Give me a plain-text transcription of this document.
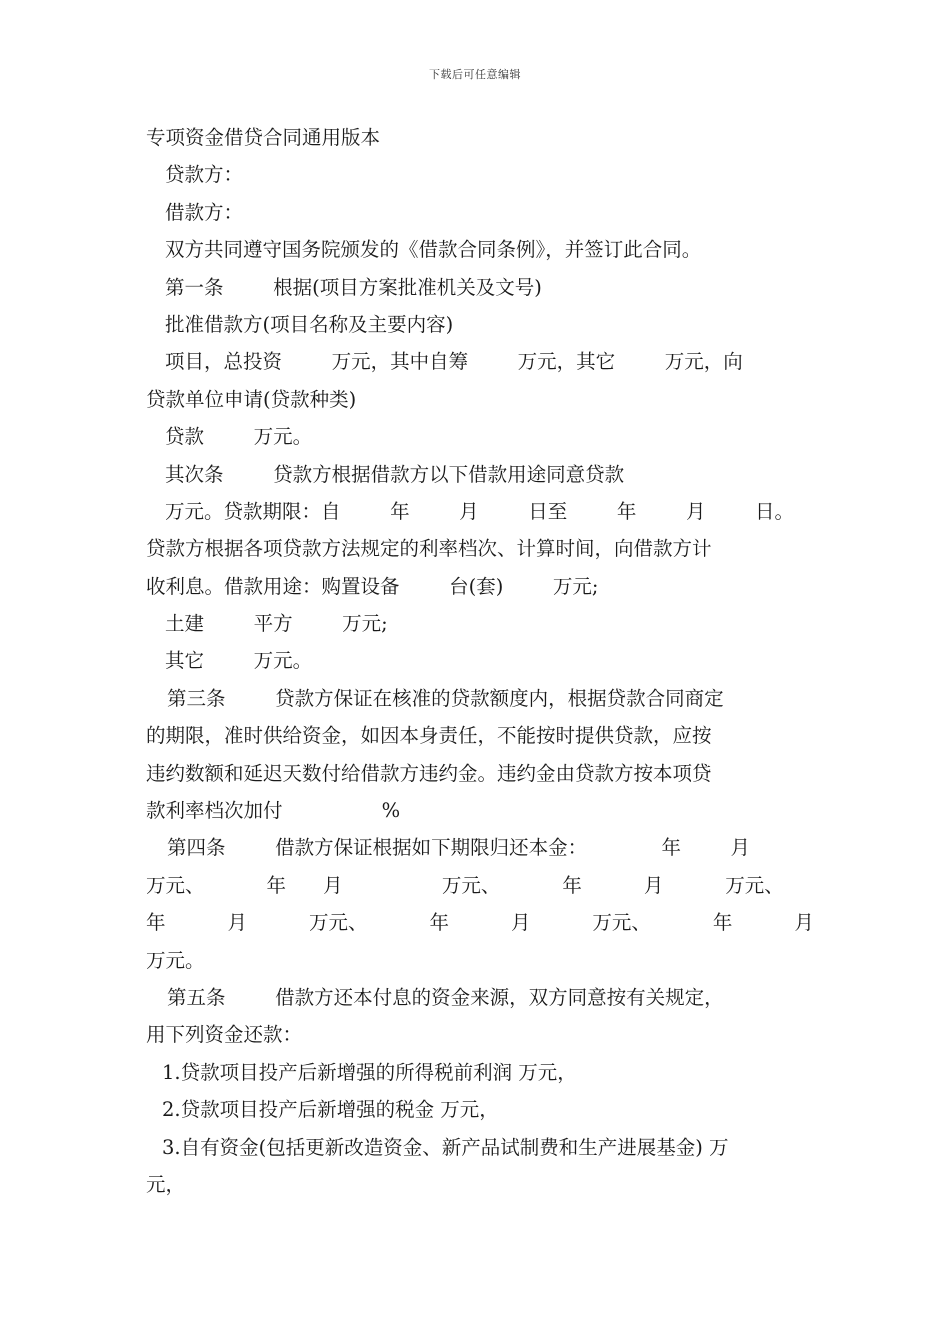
下载后可任意编辑
专项资金借贷合同通用版本
贷款方：
借款方：
双方共同遵守国务院颁发的《借款合同条例》，并签订此合同。
第一条        根据(项目方案批准机关及文号)
批准借款方(项目名称及主要内容)
项目，总投资        万元，其中自筹        万元，其它        万元，向
贷款单位申请(贷款种类)
贷款        万元。
其次条        贷款方根据借款方以下借款用途同意贷款
万元。贷款期限：自        年        月        日至        年        月        日。
贷款方根据各项贷款方法规定的利率档次、计算时间，向借款方计
收利息。借款用途：购置设备        台(套)        万元;
土建        平方        万元;
其它        万元。
第三条        贷款方保证在核准的贷款额度内，根据贷款合同商定
的期限，准时供给资金，如因本身责任，不能按时提供贷款，应按
违约数额和延迟天数付给借款方违约金。违约金由贷款方按本项贷
款利率档次加付                %
第四条        借款方保证根据如下期限归还本金：            年        月
万元、          年      月                万元、          年          月          万元、
年          月          万元、          年          月          万元、          年          月
万元。
第五条        借款方还本付息的资金来源，双方同意按有关规定，
用下列资金还款：
1.贷款项目投产后新增强的所得税前利润 万元，
2.贷款项目投产后新增强的税金 万元，
3.自有资金(包括更新改造资金、新产品试制费和生产进展基金) 万
元，
